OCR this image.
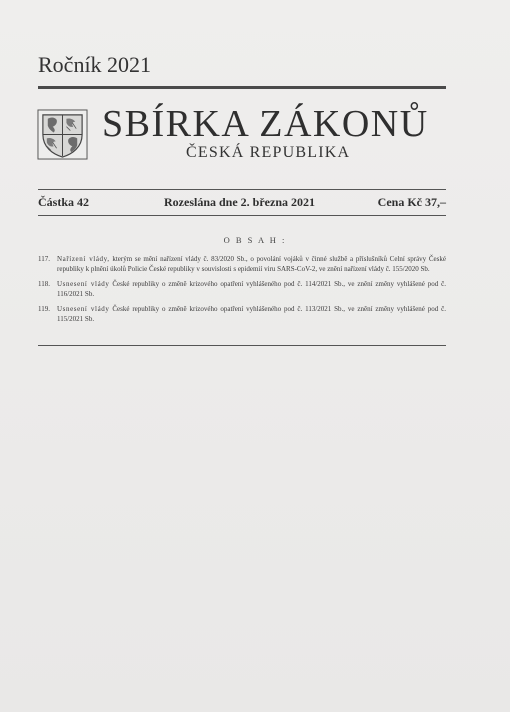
Ročník 2021
SBÍRKA ZÁKONŮ
ČESKÁ REPUBLIKA
Částka 42	Rozeslána dne 2. března 2021	Cena Kč 37,–
O B S A H :
117.	Nařízení vlády, kterým se mění nařízení vlády č. 83/2020 Sb., o povolání vojáků v činné službě a příslušníků Celní správy České republiky k plnění úkolů Policie České republiky v souvislosti s epidemií viru SARS-CoV-2, ve znění nařízení vlády č. 155/2020 Sb.
118.	Usnesení vlády České republiky o změně krizového opatření vyhlášeného pod č. 114/2021 Sb., ve znění změny vyhlášené pod č. 116/2021 Sb.
119.	Usnesení vlády České republiky o změně krizového opatření vyhlášeného pod č. 113/2021 Sb., ve znění změny vyhlášené pod č. 115/2021 Sb.
